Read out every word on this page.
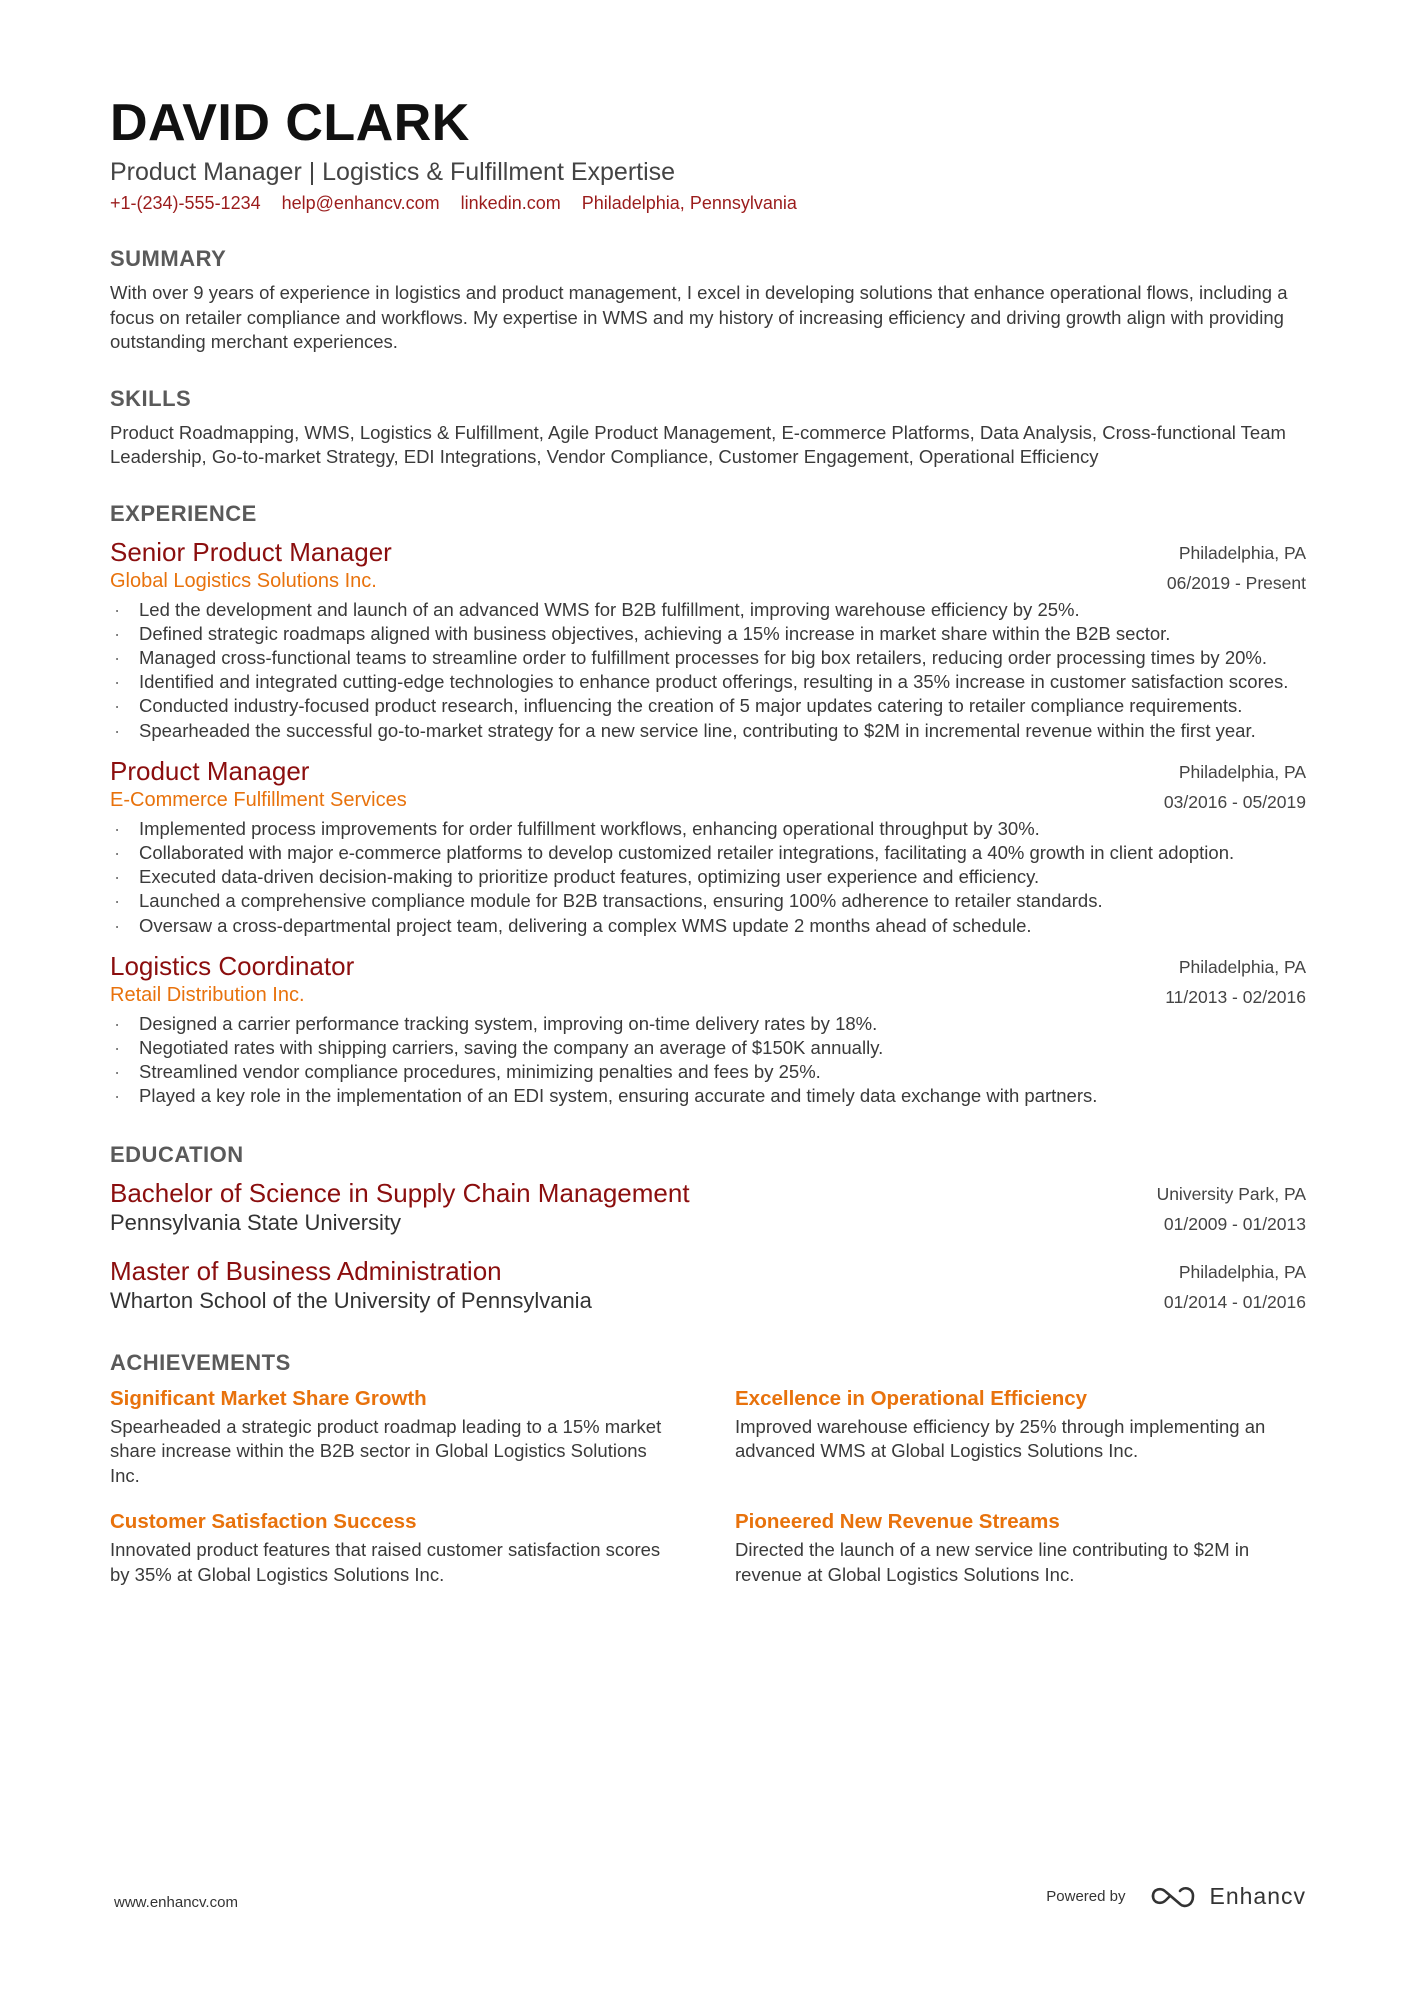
DAVID CLARK
Product Manager | Logistics & Fulfillment Expertise
+1-(234)-555-1234 help@enhancv.com linkedin.com Philadelphia, Pennsylvania
SUMMARY
With over 9 years of experience in logistics and product management, I excel in developing solutions that enhance operational flows, including a focus on retailer compliance and workflows. My expertise in WMS and my history of increasing efficiency and driving growth align with providing outstanding merchant experiences.
SKILLS
Product Roadmapping, WMS, Logistics & Fulfillment, Agile Product Management, E-commerce Platforms, Data Analysis, Cross-functional Team Leadership, Go-to-market Strategy, EDI Integrations, Vendor Compliance, Customer Engagement, Operational Efficiency
EXPERIENCE
Senior Product Manager
Global Logistics Solutions Inc.
Philadelphia, PA
06/2019 - Present
· Led the development and launch of an advanced WMS for B2B fulfillment, improving warehouse efficiency by 25%.
· Defined strategic roadmaps aligned with business objectives, achieving a 15% increase in market share within the B2B sector.
· Managed cross-functional teams to streamline order to fulfillment processes for big box retailers, reducing order processing times by 20%.
· Identified and integrated cutting-edge technologies to enhance product offerings, resulting in a 35% increase in customer satisfaction scores.
· Conducted industry-focused product research, influencing the creation of 5 major updates catering to retailer compliance requirements.
· Spearheaded the successful go-to-market strategy for a new service line, contributing to $2M in incremental revenue within the first year.
Product Manager
E-Commerce Fulfillment Services
Philadelphia, PA
03/2016 - 05/2019
· Implemented process improvements for order fulfillment workflows, enhancing operational throughput by 30%.
· Collaborated with major e-commerce platforms to develop customized retailer integrations, facilitating a 40% growth in client adoption.
· Executed data-driven decision-making to prioritize product features, optimizing user experience and efficiency.
· Launched a comprehensive compliance module for B2B transactions, ensuring 100% adherence to retailer standards.
· Oversaw a cross-departmental project team, delivering a complex WMS update 2 months ahead of schedule.
Logistics Coordinator
Retail Distribution Inc.
Philadelphia, PA
11/2013 - 02/2016
· Designed a carrier performance tracking system, improving on-time delivery rates by 18%.
· Negotiated rates with shipping carriers, saving the company an average of $150K annually.
· Streamlined vendor compliance procedures, minimizing penalties and fees by 25%.
· Played a key role in the implementation of an EDI system, ensuring accurate and timely data exchange with partners.
EDUCATION
Bachelor of Science in Supply Chain Management
Pennsylvania State University
University Park, PA
01/2009 - 01/2013
Master of Business Administration
Wharton School of the University of Pennsylvania
Philadelphia, PA
01/2014 - 01/2016
ACHIEVEMENTS
Significant Market Share Growth
Spearheaded a strategic product roadmap leading to a 15% market share increase within the B2B sector in Global Logistics Solutions Inc.
Excellence in Operational Efficiency
Improved warehouse efficiency by 25% through implementing an advanced WMS at Global Logistics Solutions Inc.
Customer Satisfaction Success
Innovated product features that raised customer satisfaction scores by 35% at Global Logistics Solutions Inc.
Pioneered New Revenue Streams
Directed the launch of a new service line contributing to $2M in revenue at Global Logistics Solutions Inc.
www.enhancv.com	Powered by	Enhancv
